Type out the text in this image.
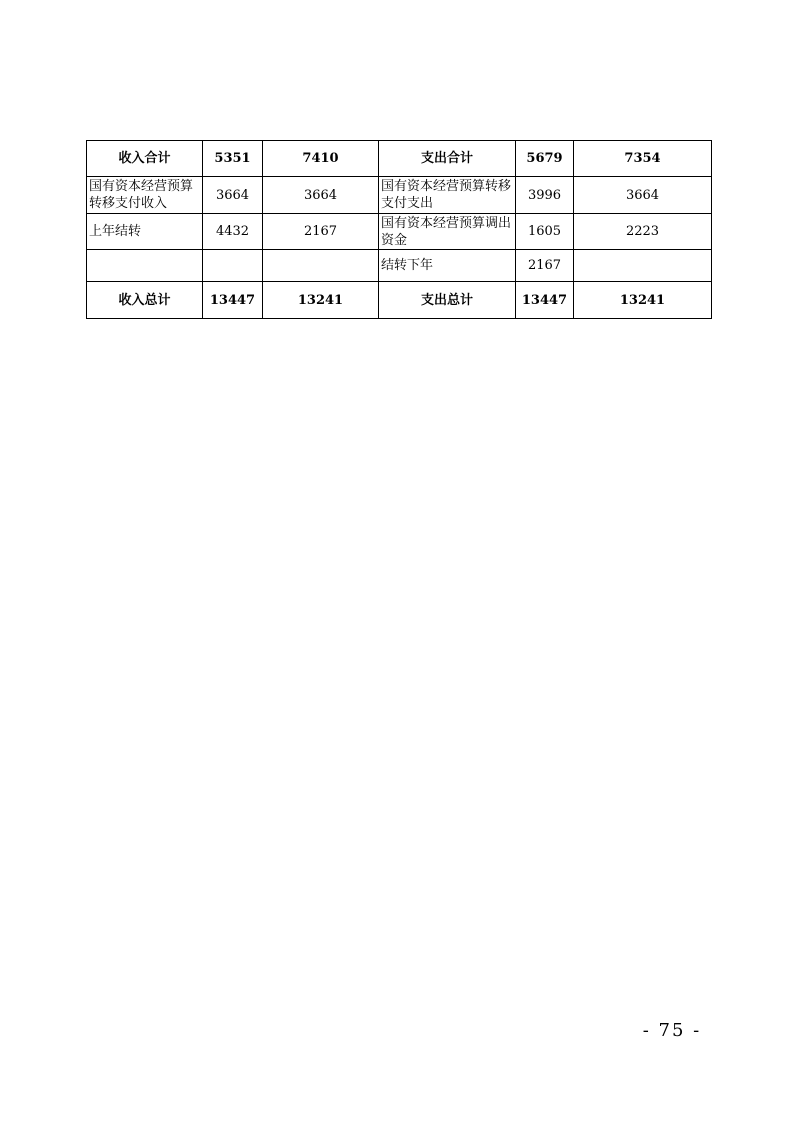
收入合计	5351	7410	支出合计	5679	7354
国有资本经营预算转移支付收入	3664	3664	国有资本经营预算转移支付支出	3996	3664
上年结转	4432	2167	国有资本经营预算调出资金	1605	2223
			结转下年	2167	
收入总计	13447	13241	支出总计	13447	13241
- 75 -
